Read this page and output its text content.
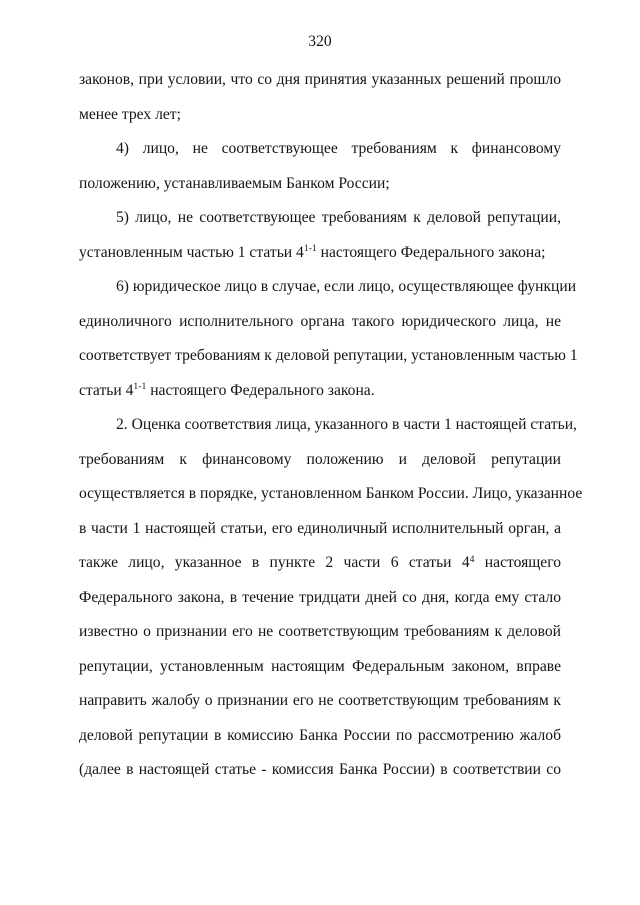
320

законов, при условии, что со дня принятия указанных решений прошло
менее трех лет;

4) лицо, не соответствующее требованиям к финансовому
положению, устанавливаемым Банком России;

5) лицо, не соответствующее требованиям к деловой репутации,
установленным частью 1 статьи 4$^{1-1}$ настоящего Федерального закона;

6) юридическое лицо в случае, если лицо, осуществляющее функции
единоличного исполнительного органа такого юридического лица, не
соответствует требованиям к деловой репутации, установленным частью 1
статьи 4$^{1-1}$ настоящего Федерального закона.

2. Оценка соответствия лица, указанного в части 1 настоящей статьи,
требованиям к финансовому положению и деловой репутации
осуществляется в порядке, установленном Банком России. Лицо, указанное
в части 1 настоящей статьи, его единоличный исполнительный орган, а
также лицо, указанное в пункте 2 части 6 статьи $4^4$ настоящего
Федерального закона, в течение тридцати дней со дня, когда ему стало
известно о признании его не соответствующим требованиям к деловой
репутации, установленным настоящим Федеральным законом, вправе
направить жалобу о признании его не соответствующим требованиям к
деловой репутации в комиссию Банка России по рассмотрению жалоб
(далее в настоящей статье - комиссия Банка России) в соответствии со
